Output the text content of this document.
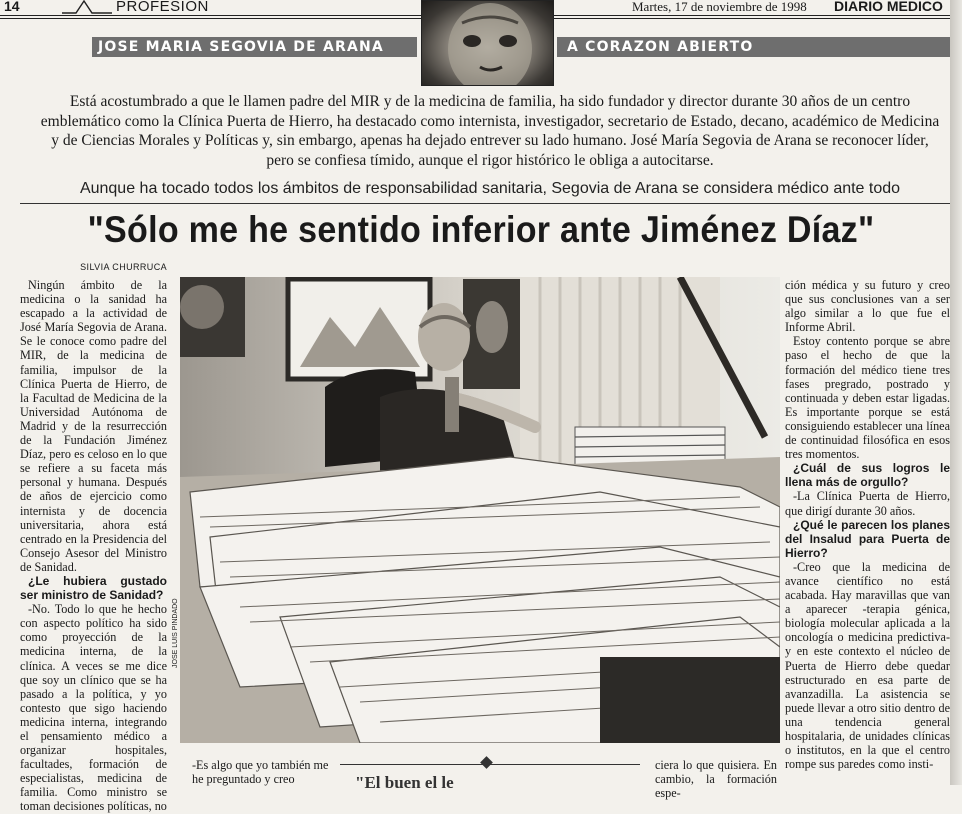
14	PROFESION	Martes, 17 de noviembre de 1998 DIARIO MEDICO
JOSE MARIA SEGOVIA DE ARANA	A CORAZON ABIERTO
Está acostumbrado a que le llamen padre del MIR y de la medicina de familia, ha sido fundador y director durante 30 años de un centro emblemático como la Clínica Puerta de Hierro, ha destacado como internista, investigador, secretario de Estado, decano, académico de Medicina y de Ciencias Morales y Políticas y, sin embargo, apenas ha dejado entrever su lado humano. José María Segovia de Arana se reconocer líder, pero se confiesa tímido, aunque el rigor histórico le obliga a autocitarse.
Aunque ha tocado todos los ámbitos de responsabilidad sanitaria, Segovia de Arana se considera médico ante todo
"Sólo me he sentido inferior ante Jiménez Díaz"
SILVIA CHURRUCA

Ningún ámbito de la medicina o la sanidad ha escapado a la actividad de José María Segovia de Arana. Se le conoce como padre del MIR, de la medicina de familia, impulsor de la Clínica Puerta de Hierro, de la Facultad de Medicina de la Universidad Autónoma de Madrid y de la resurrección de la Fundación Jiménez Díaz, pero es celoso en lo que se refiere a su faceta más personal y humana. Después de años de ejercicio como internista y de docencia universitaria, ahora está centrado en la Presidencia del Consejo Asesor del Ministro de Sanidad.

¿Le hubiera gustado ser ministro de Sanidad?

-No. Todo lo que he hecho con aspecto político ha sido como proyección de la medicina interna, de la clínica. A veces se me dice que soy un clínico que se ha pasado a la política, y yo contesto que sigo haciendo medicina interna, integrando el pensamiento médico a organizar hospitales, facultades, formación de especialistas, medicina de familia. Como ministro se toman decisiones políticas, no

JOSE LUIS PINDADO

ción médica y su futuro y creo que sus conclusiones van a ser algo similar a lo que fue el Informe Abril.

Estoy contento porque se abre paso el hecho de que la formación del médico tiene tres fases pregrado, postrado y continuada y deben estar ligadas. Es importante porque se está consiguiendo establecer una línea de continuidad filosófica en esos tres momentos.

¿Cuál de sus logros le llena más de orgullo?

-La Clínica Puerta de Hierro, que dirigí durante 30 años.

¿Qué le parecen los planes del Insalud para Puerta de Hierro?

-Creo que la medicina de avance científico no está acabada. Hay maravillas que van a aparecer -terapia génica, biología molecular aplicada a la oncología o medicina predictiva- y en este contexto el núcleo de Puerta de Hierro debe quedar estructurado en esa parte de avanzadilla. La asistencia se puede llevar a otro sitio dentro de una tendencia general hospitalaria, de unidades clínicas o institutos, en la que el centro rompe sus paredes como insti-

-Es algo que yo también me he preguntado y creo	"El buen el le
ciera lo que quisiera. En cambio, la formación espe-
